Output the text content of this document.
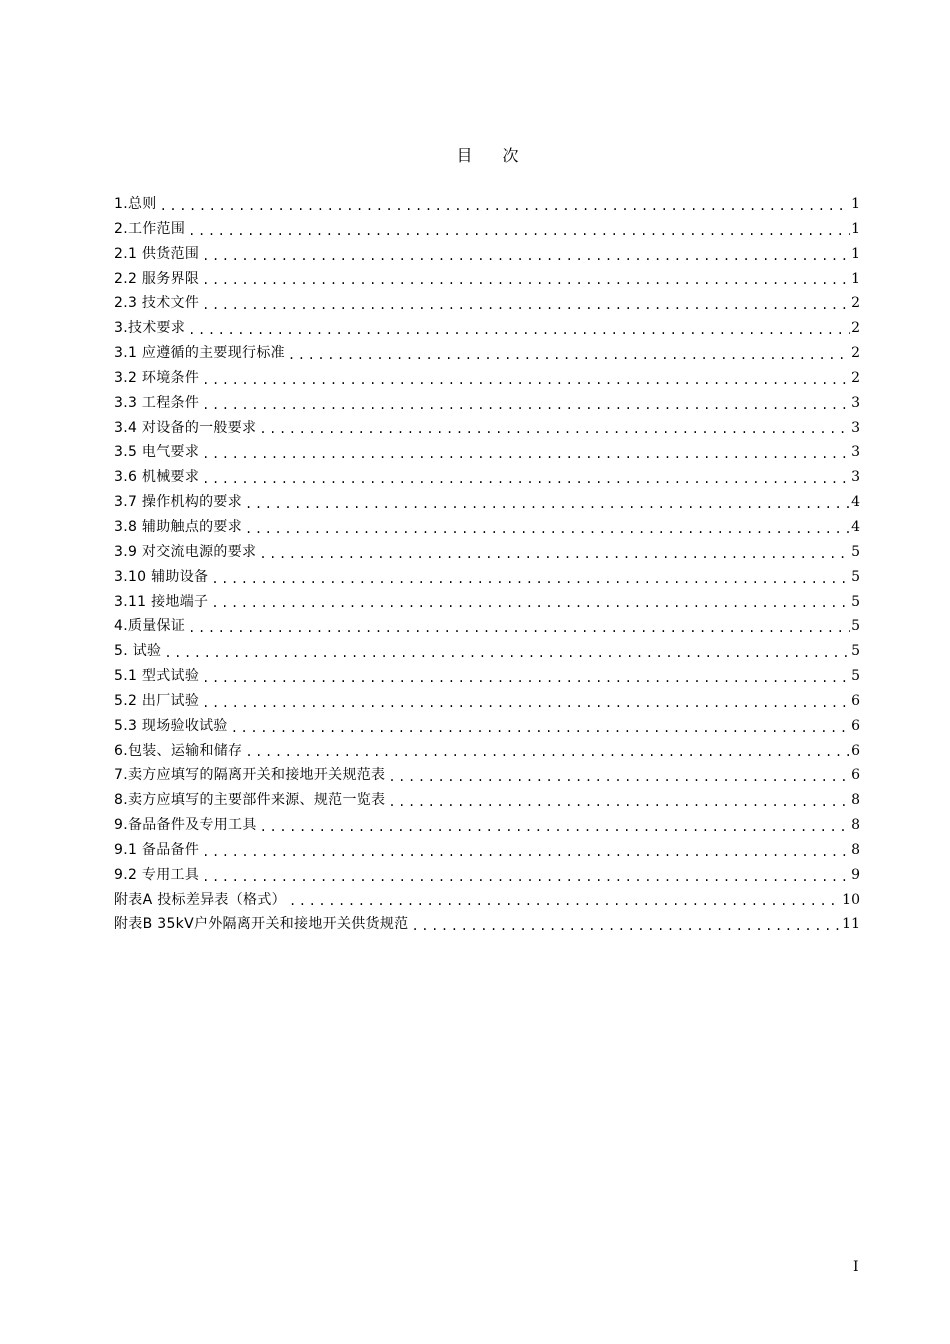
目 次
1.总则 .....	1
2.工作范围 .....	1
2.1 供货范围 .....	1
2.2 服务界限 .....	1
2.3 技术文件 .....	2
3.技术要求 .....	2
3.1 应遵循的主要现行标准 .....	2
3.2 环境条件 .....	2
3.3 工程条件 .....	3
3.4 对设备的一般要求 .....	3
3.5 电气要求 .....	3
3.6 机械要求 .....	3
3.7 操作机构的要求 .....	4
3.8 辅助触点的要求 .....	4
3.9 对交流电源的要求 .....	5
3.10 辅助设备 .....	5
3.11 接地端子 .....	5
4.质量保证 .....	5
5. 试验 .....	5
5.1 型式试验 .....	5
5.2 出厂试验 .....	6
5.3 现场验收试验 .....	6
6.包装、运输和储存 .....	6
7.卖方应填写的隔离开关和接地开关规范表 .....	6
8.卖方应填写的主要部件来源、规范一览表 .....	8
9.备品备件及专用工具 .....	8
9.1 备品备件 .....	8
9.2 专用工具 .....	9
附表A 投标差异表（格式） .....	10
附表B 35kV户外隔离开关和接地开关供货规范 .....	11
I
